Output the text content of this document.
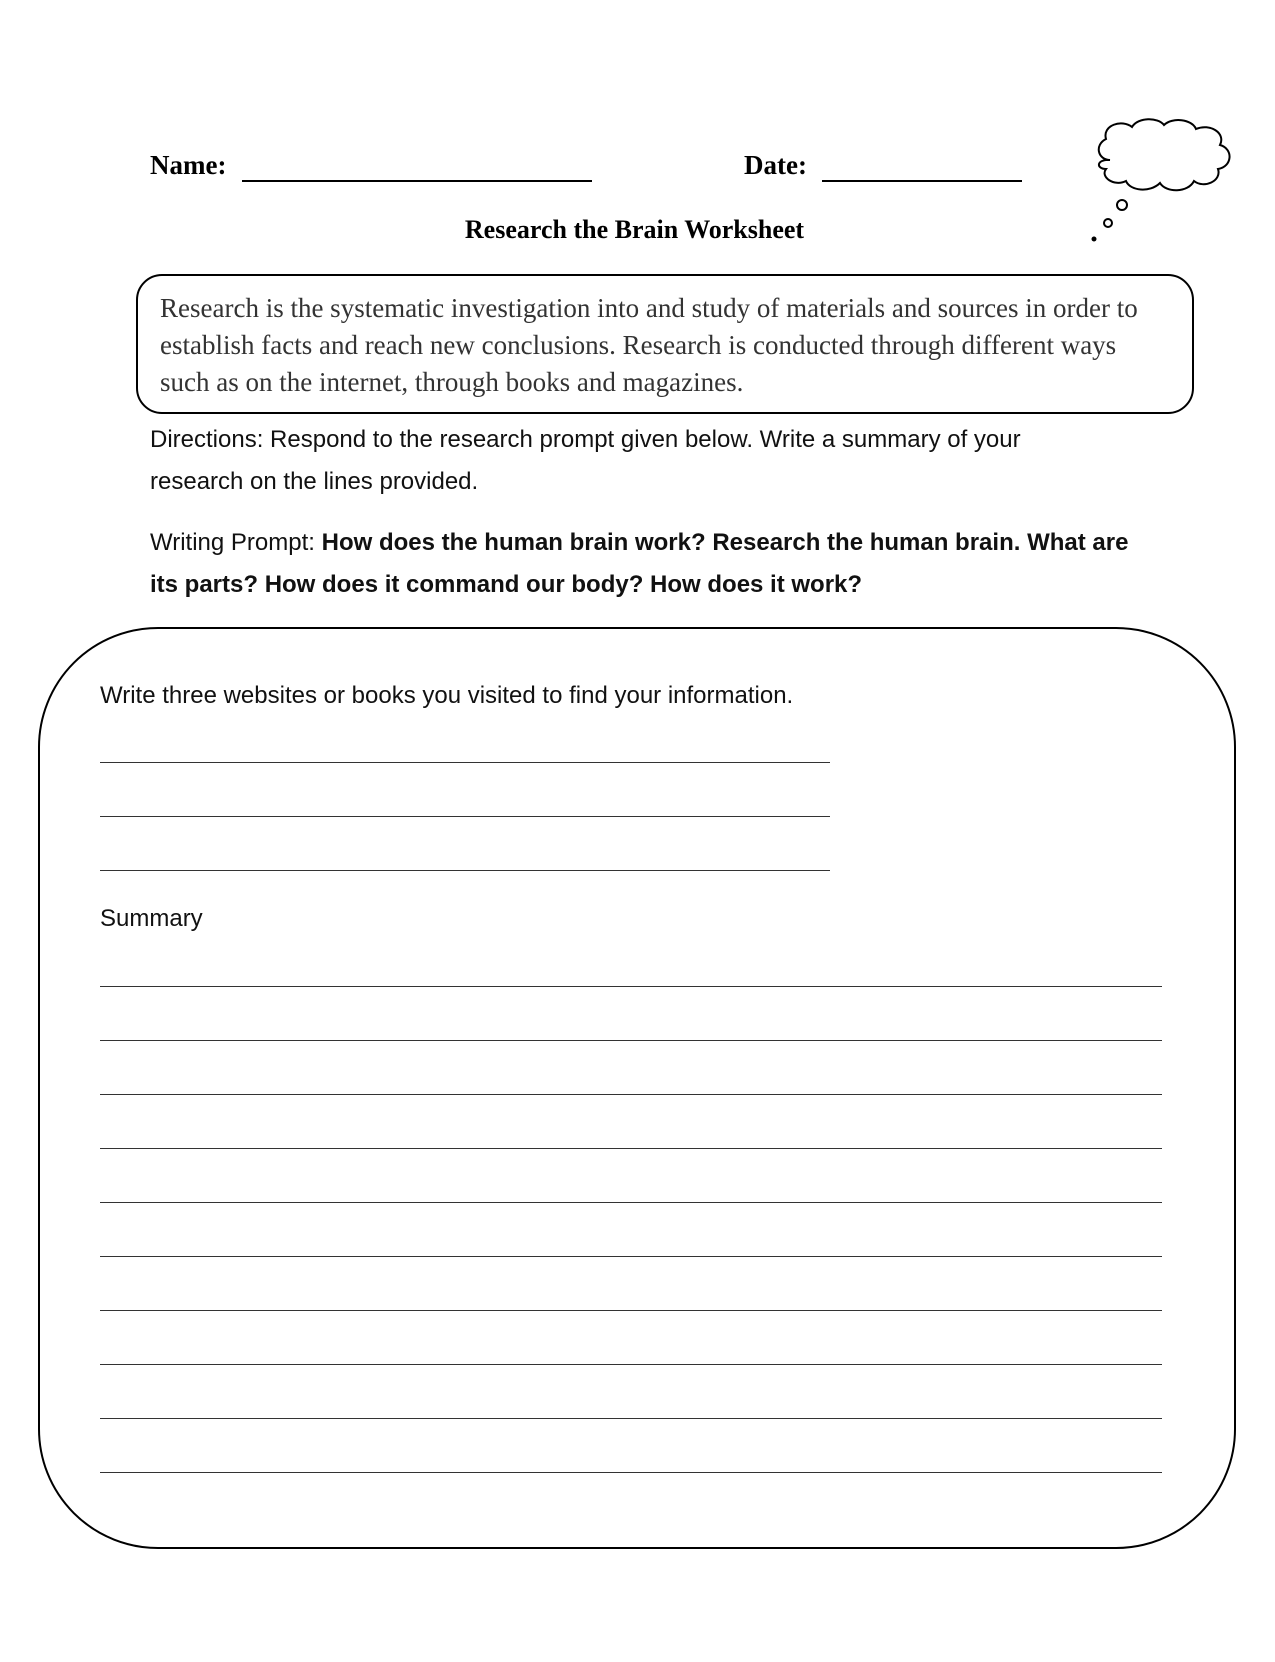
Name:	Date:
Research the Brain Worksheet
Research is the systematic investigation into and study of materials and sources in order to establish facts and reach new conclusions. Research is conducted through different ways such as on the internet, through books and magazines.
Directions: Respond to the research prompt given below. Write a summary of your research on the lines provided.
Writing Prompt: How does the human brain work? Research the human brain. What are its parts? How does it command our body? How does it work?
Write three websites or books you visited to find your information.
Summary
